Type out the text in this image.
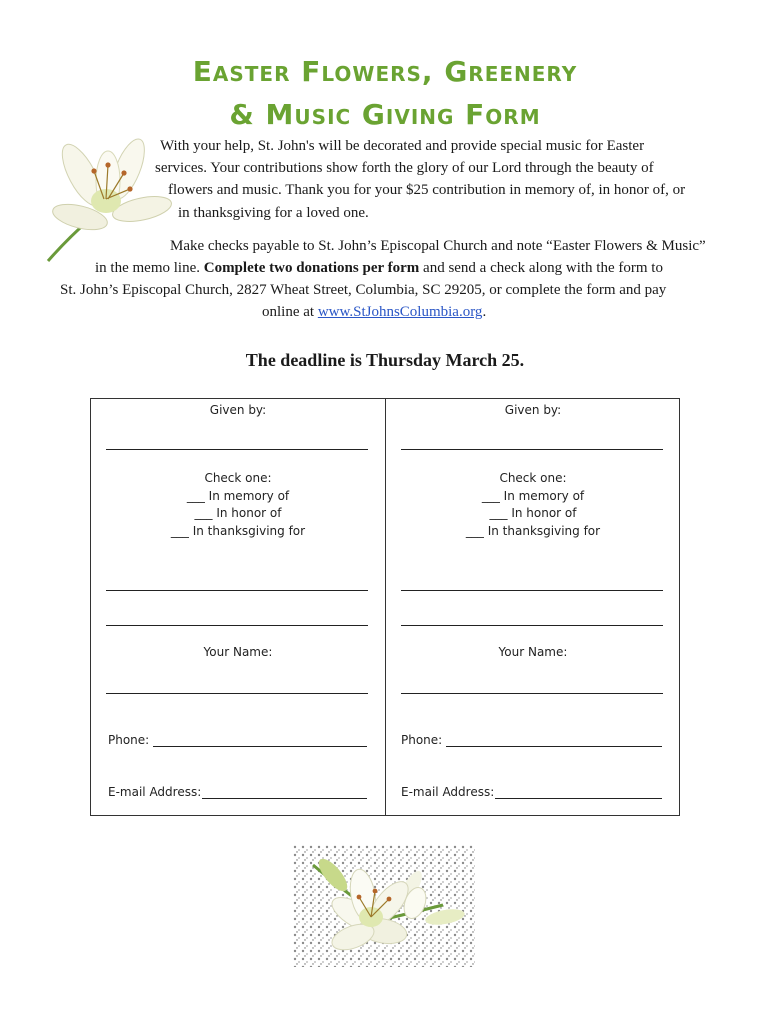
Easter Flowers, Greenery
& Music Giving Form
With your help, St. John's will be decorated and provide special music for Easter
services. Your contributions show forth the glory of our Lord through the beauty of
flowers and music. Thank you for your $25 contribution in memory of, in honor of, or
in thanksgiving for a loved one.
Make checks payable to St. John’s Episcopal Church and note “Easter Flowers & Music”
in the memo line. Complete two donations per form and send a check along with the form to
St. John’s Episcopal Church, 2827 Wheat Street, Columbia, SC 29205, or complete the form and pay
online at www.StJohnsColumbia.org.
The deadline is Thursday March 25.
Given by:
Check one:
___ In memory of
___ In honor of
___ In thanksgiving for
Your Name:
Phone:
E-mail Address:
Given by:
Check one:
___ In memory of
___ In honor of
___ In thanksgiving for
Your Name:
Phone:
E-mail Address:
